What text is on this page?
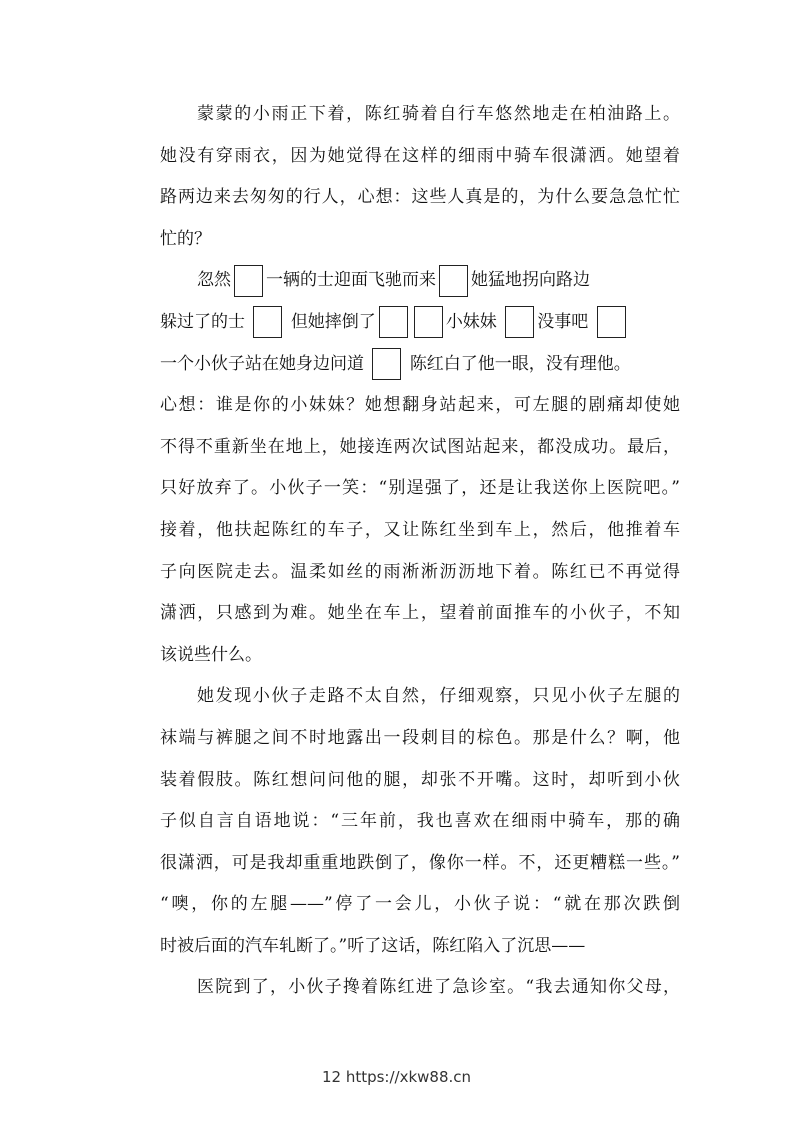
蒙蒙的小雨正下着，陈红骑着自行车悠然地走在柏油路上。
她没有穿雨衣，因为她觉得在这样的细雨中骑车很潇洒。她望着
路两边来去匆匆的行人，心想：这些人真是的，为什么要急急忙忙
忙的？
忽然 一辆的士迎面飞驰而来 她猛地拐向路边
躲过了的士	但她摔倒了	小妹妹 没事吧
一个小伙子站在她身边问道	陈红白了他一眼，没有理他。
心想：谁是你的小妹妹？她想翻身站起来，可左腿的剧痛却使她
不得不重新坐在地上，她接连两次试图站起来，都没成功。最后，
只好放弃了。小伙子一笑：“别逞强了，还是让我送你上医院吧。”
接着，他扶起陈红的车子，又让陈红坐到车上，然后，他推着车
子向医院走去。温柔如丝的雨淅淅沥沥地下着。陈红已不再觉得
潇洒，只感到为难。她坐在车上，望着前面推车的小伙子，不知
该说些什么。
她发现小伙子走路不太自然，仔细观察，只见小伙子左腿的
袜端与裤腿之间不时地露出一段刺目的棕色。那是什么？啊，他
装着假肢。陈红想问问他的腿，却张不开嘴。这时，却听到小伙
子似自言自语地说：“三年前，我也喜欢在细雨中骑车，那的确
很潇洒，可是我却重重地跌倒了，像你一样。不，还更糟糕一些。”
“噢，你的左腿——”停了一会儿，小伙子说：“就在那次跌倒
时被后面的汽车轧断了。”听了这话，陈红陷入了沉思——
医院到了，小伙子搀着陈红进了急诊室。“我去通知你父母，
12 https://xkw88.cn
